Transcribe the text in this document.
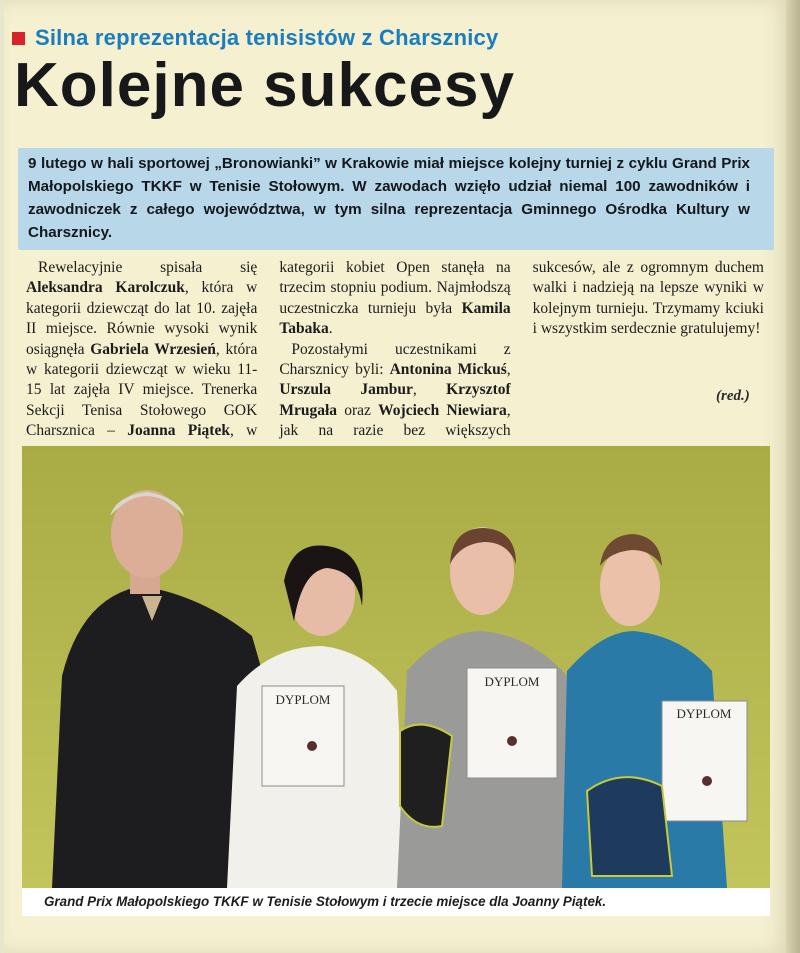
Silna reprezentacja tenisistów z Charsznicy
Kolejne sukcesy
9 lutego w hali sportowej „Bronowianki” w Krakowie miał miejsce kolejny turniej z cyklu Grand Prix Małopolskiego TKKF w Tenisie Stołowym. W zawodach wzięło udział niemal 100 zawodników i zawodniczek z całego województwa, w tym silna reprezentacja Gminnego Ośrodka Kultury w Charsznicy.

Rewelacyjnie spisała się Aleksandra Karolczuk, która w kategorii dziewcząt do lat 10. zajęła II miejsce. Równie wysoki wynik osiągnęła Gabriela Wrzesień, która w kategorii dziewcząt w wieku 11-15 lat zajęła IV miejsce. Trenerka Sekcji Tenisa Stołowego GOK Charsznica – Joanna Piątek, w kategorii kobiet Open stanęła na trzecim stopniu podium. Najmłodszą uczestniczka turnieju była Kamila Tabaka.

Pozostałymi uczestnikami z Charsznicy byli: Antonina Mickuś, Urszula Jambur, Krzysztof Mrugała oraz Wojciech Niewiara, jak na razie bez większych sukcesów, ale z ogromnym duchem walki i nadzieją na lepsze wyniki w kolejnym turnieju. Trzymamy kciuki i wszystkim serdecznie gratulujemy!

(red.)
DYPLOM
DYPLOM
DYPLOM
Grand Prix Małopolskiego TKKF w Tenisie Stołowym i trzecie miejsce dla Joanny Piątek.
